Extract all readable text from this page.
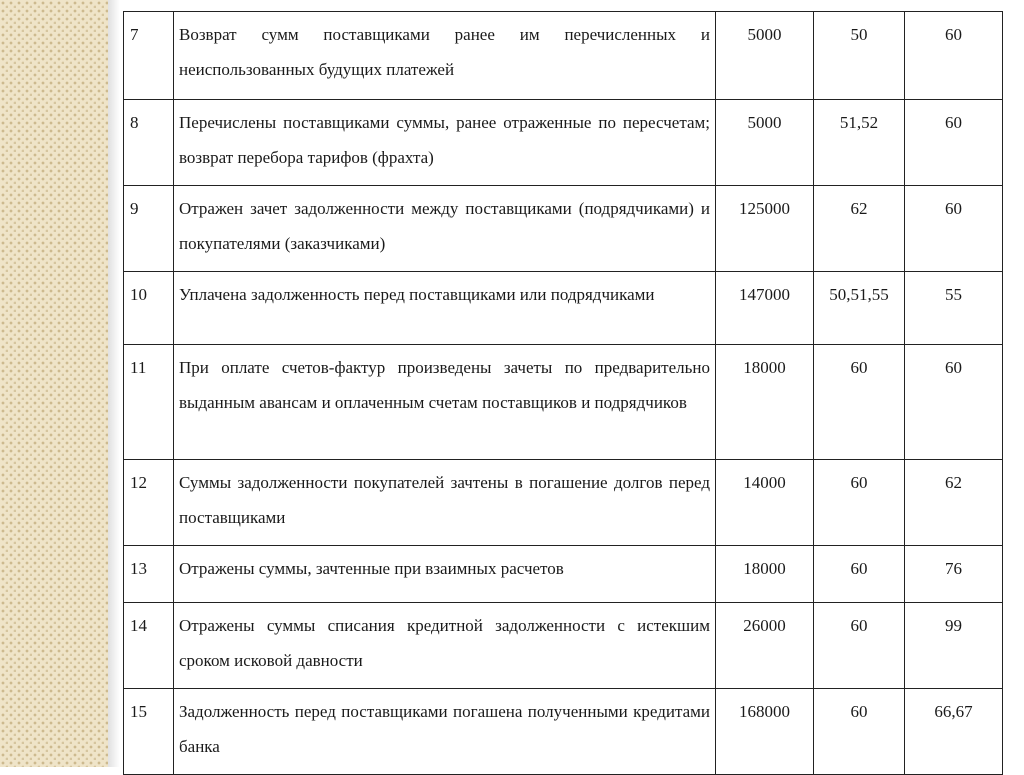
7	Возврат сумм поставщиками ранее им перечисленных и неиспользованных будущих платежей	5000	50	60
8	Перечислены поставщиками суммы, ранее отраженные по пересчетам; возврат перебора тарифов (фрахта)	5000	51,52	60
9	Отражен зачет задолженности между поставщиками (подрядчиками) и покупателями (заказчиками)	125000	62	60
10	Уплачена задолженность перед поставщиками или подрядчиками	147000	50,51,55	55
11	При оплате счетов-фактур произведены зачеты по предварительно выданным авансам и оплаченным счетам поставщиков и подрядчиков	18000	60	60
12	Суммы задолженности покупателей зачтены в погашение долгов перед поставщиками	14000	60	62
13	Отражены суммы, зачтенные при взаимных расчетов	18000	60	76
14	Отражены суммы списания кредитной задолженности с истекшим сроком исковой давности	26000	60	99
15	Задолженность перед поставщиками погашена полученными кредитами банка	168000	60	66,67
